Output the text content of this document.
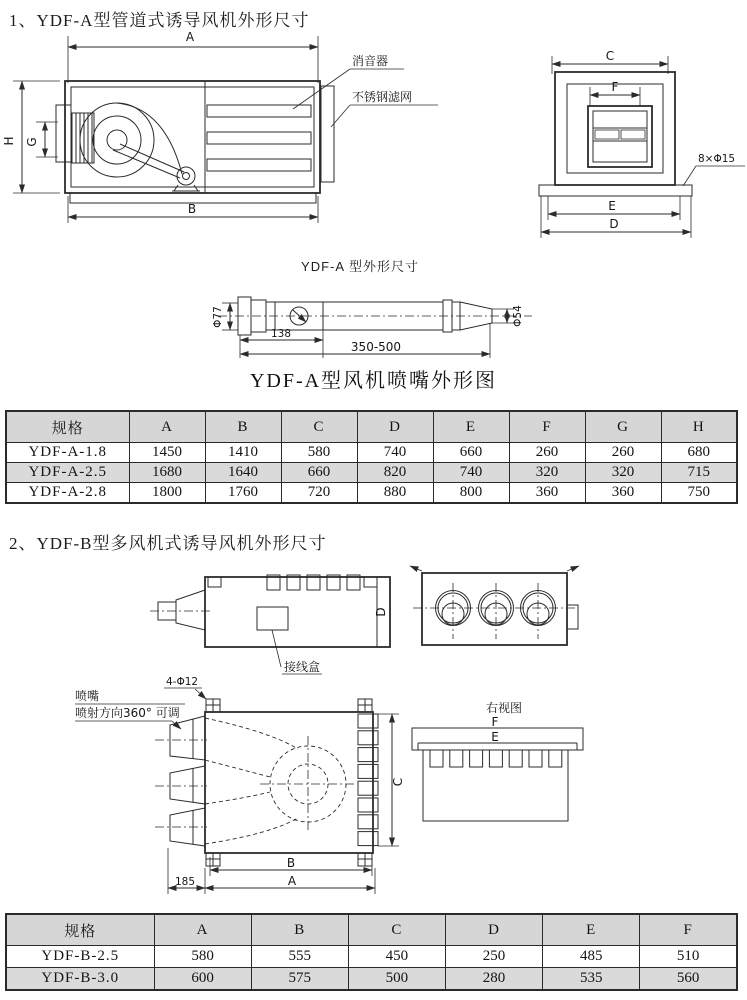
1、YDF-A型管道式诱导风机外形尺寸
A
H G
B
消音器
不锈钢滤网
C
F
E
D
8×Φ15
YDF-A 型外形尺寸
Φ77	Φ54
138
350-500
YDF-A型风机喷嘴外形图
规格	A	B	C	D	E	F	G	H
YDF-A-1.8	1450	1410	580	740	660	260	260	680
YDF-A-2.5	1680	1640	660	820	740	320	320	715
YDF-A-2.8	1800	1760	720	880	800	360	360	750
2、YDF-B型多风机式诱导风机外形尺寸
接线盒
D
4-Φ12
喷嘴
喷射方向360° 可调
C
B
185	A
右视图
F
E
规格	A	B	C	D	E	F
YDF-B-2.5	580	555	450	250	485	510
YDF-B-3.0	600	575	500	280	535	560
